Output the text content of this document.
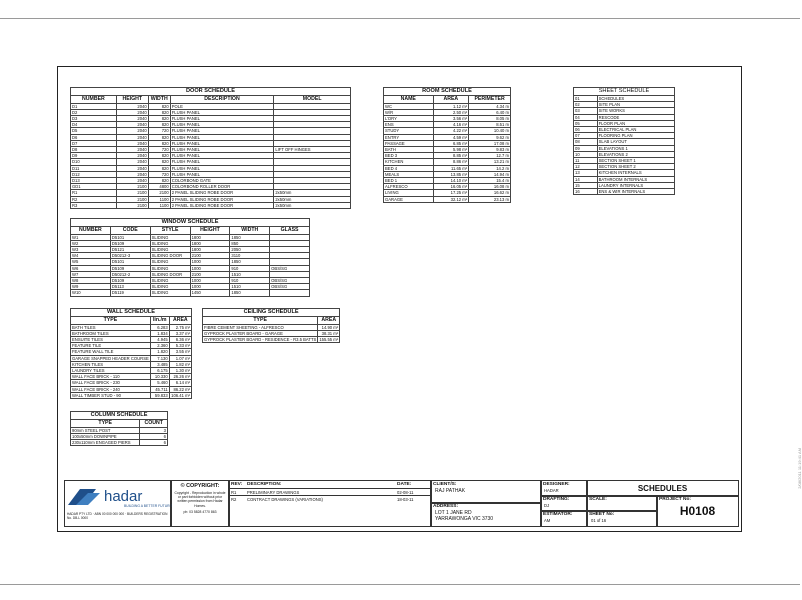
DOOR SCHEDULE
NUMBER	HEIGHT	WIDTH	DESCRIPTION	MODEL
D1	2040	820	POLE	
D2	2040	820	FLUSH PANEL	
D3	2040	820	FLUSH PANEL	
D4	2040	820	FLUSH PANEL	
D5	2040	720	FLUSH PANEL	
D6	2040	820	FLUSH PANEL	
D7	2040	820	FLUSH PANEL	
D8	2040	720	FLUSH PANEL	LIFT OFF HINGES
D9	2040	820	FLUSH PANEL	
D10	2040	820	FLUSH PANEL	
D11	2040	820	FLUSH PANEL	
D12	2040	720	FLUSH PANEL	
D13	2040	820	COLORBOND GATE	
GD1	2100	4800	COLORBOND ROLLER DOOR	
R1	2100	2100	2 PANEL SLIDING ROBE DOOR	2x50mm
R2	2100	1100	2 PANEL SLIDING ROBE DOOR	2x50mm
R3	2100	1100	2 PANEL SLIDING ROBE DOOR	2x50mm
WINDOW SCHEDULE
NUMBER	CODE	STYLE	HEIGHT	WIDTH	GLASS
W1	D5101	SLIDING	1800	1850	
W2	D5109	SLIDING	1800	850	
W3	D5121	SLIDING	1800	2050	
W4	D50212-3	SLIDING DOOR	2100	3110	
W5	D5101	SLIDING	1000	1850	
W6	D5109	SLIDING	1000	910	OBS/SG
W7	D50212-2	SLIDING DOOR	2100	1510	
W8	D5109	SLIDING	1000	910	OBS/SG
W9	D5113	SLIDING	1000	1510	OBS/SG
W10	D5119	SLIDING	1450	1850	
WALL SCHEDULE
TYPE	lin./m	AREA
BATH TILES	6.283	2.75 m²
BATHROOM TILES	1.834	3.37 m²
ENSUITE TILES	4.945	6.36 m²
FEATURE TILE	2.360	5.33 m²
FEATURE WALL TILE	1.820	3.55 m²
GARAGE SNAPPED HEADER COURSE	7.130	1.07 m²
KITCHEN TILES	3.485	1.82 m²
LAUNDRY TILES	6.175	1.30 m²
WALL FACE BRICK - 110	10.330	26.26 m²
WALL FACE BRICK - 230	5.460	6.14 m²
WALL FACE BRICK - 240	45.711	86.22 m²
WALL TIMBER STUD - 90	59.833	106.41 m²
CEILING SCHEDULE
TYPE	AREA
FIBRE CEMENT SHEETING - ALFRESCO	14.90 m²
GYPROCK PLASTER BOARD - GARAGE	38.31 m²
GYPROCK PLASTER BOARD - RESIDENCE - R3.5 BATTS	155.55 m²
COLUMN SCHEDULE
TYPE	COUNT
90mm STEEL POST	3
100x50mm DOWNPIPE	6
230x110mm ENGAGED PIERS	6
ROOM SCHEDULE
NAME	AREA	PERIMETER
WC	1.12 m²	4.34 m
W/R	2.50 m²	6.40 m
L'DRY	3.56 m²	8.05 m
ENS	4.16 m²	8.51 m
STUDY	4.22 m²	10.40 m
ENTRY	4.59 m²	9.62 m
PASSAGE	6.85 m²	17.08 m
BATH	5.98 m²	9.83 m
BED 3	8.85 m²	12.7 m
KITCHEN	8.86 m²	13.21 m
BED 4	11.65 m²	14.2 m
MEALS	13.85 m²	14.94 m
BED 1	14.10 m²	15.4 m
ALFRESCO	16.05 m²	16.08 m
LIVING	17.25 m²	16.62 m
GARAGE	32.12 m²	23.13 m
SHEET SCHEDULE
01	SCHEDULES
02	SITE PLAN
03	SITE WORKS
04	RESCODE
05	FLOOR PLAN
06	ELECTRICAL PLAN
07	FLOORING PLAN
08	SLAB LAYOUT
09	ELEVATIONS 1
10	ELEVATIONS 2
11	SECTION SHEET 1
12	SECTION SHEET 2
13	KITCHEN INTERNALS
14	BATHROOM INTERNALS
15	LAUNDRY INTERNALS
16	ENS & WIR INTERNALS
2/08/2011 11:19:41 AM
hadar
BUILDING A BETTER FUTURE
HADAR PTY LTD · ABN 00 000 000 000 · BUILDERS REGISTRATION No. DB-L 0000
© COPYRIGHT:
Copyright - Reproduction in whole or part forbidden without prior written permission from Hadar Homes.
ph: 03 5828 4770 863
REV: DESCRIPTION:	DATE:
R1	PRELIMINARY DRAWINGS	02-08-11
R2	CONTRACT DRAWINGS (VARIATIONS)	18-03-11
CLIENT/S:
RAJ PATHAK
ADDRESS:
LOT 1 JANE RD YARRAWONGA VIC 3730
DESIGNER:
HADAR
DRAFTING:
DJ
ESTIMATOR:
AM
SCHEDULES
SCALE:
SHEET No:
01 of 16
PROJECT No:
H0108
